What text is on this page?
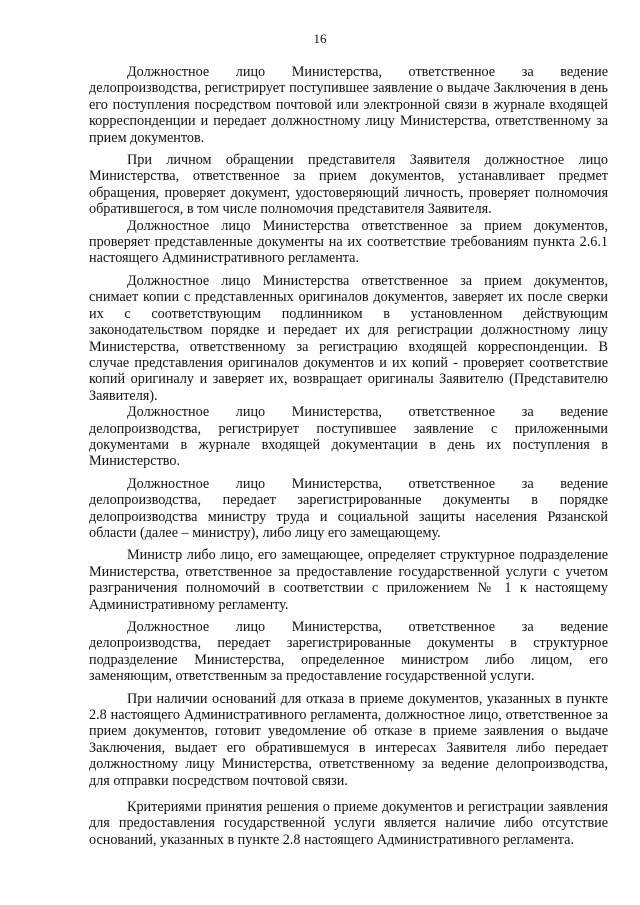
16

Должностное лицо Министерства, ответственное за ведение делопроизводства, регистрирует поступившее заявление о выдаче Заключения в день его поступления посредством почтовой или электронной связи в журнале входящей корреспонденции и передает должностному лицу Министерства, ответственному за прием документов.

При личном обращении представителя Заявителя должностное лицо Министерства, ответственное за прием документов, устанавливает предмет обращения, проверяет документ, удостоверяющий личность, проверяет полномочия обратившегося, в том числе полномочия представителя Заявителя.

Должностное лицо Министерства ответственное за прием документов, проверяет представленные документы на их соответствие требованиям пункта 2.6.1 настоящего Административного регламента.

Должностное лицо Министерства ответственное за прием документов, снимает копии с представленных оригиналов документов, заверяет их после сверки их с соответствующим подлинником в установленном действующим законодательством порядке и передает их для регистрации должностному лицу Министерства, ответственному за регистрацию входящей корреспонденции. В случае представления оригиналов документов и их копий - проверяет соответствие копий оригиналу и заверяет их, возвращает оригиналы Заявителю (Представителю Заявителя).

Должностное лицо Министерства, ответственное за ведение делопроизводства, регистрирует поступившее заявление с приложенными документами в журнале входящей документации в день их поступления в Министерство.

Должностное лицо Министерства, ответственное за ведение делопроизводства, передает зарегистрированные документы в порядке делопроизводства министру труда и социальной защиты населения Рязанской области (далее – министру), либо лицу его замещающему.

Министр либо лицо, его замещающее, определяет структурное подразделение Министерства, ответственное за предоставление государственной услуги с учетом разграничения полномочий в соответствии с приложением № 1 к настоящему Административному регламенту.

Должностное лицо Министерства, ответственное за ведение делопроизводства, передает зарегистрированные документы в структурное подразделение Министерства, определенное министром либо лицом, его заменяющим, ответственным за предоставление государственной услуги.

При наличии оснований для отказа в приеме документов, указанных в пункте 2.8 настоящего Административного регламента, должностное лицо, ответственное за прием документов, готовит уведомление об отказе в приеме заявления о выдаче Заключения, выдает его обратившемуся в интересах Заявителя либо передает должностному лицу Министерства, ответственному за ведение делопроизводства, для отправки посредством почтовой связи.

Критериями принятия решения о приеме документов и регистрации заявления для предоставления государственной услуги является наличие либо отсутствие оснований, указанных в пункте 2.8 настоящего Административного регламента.
